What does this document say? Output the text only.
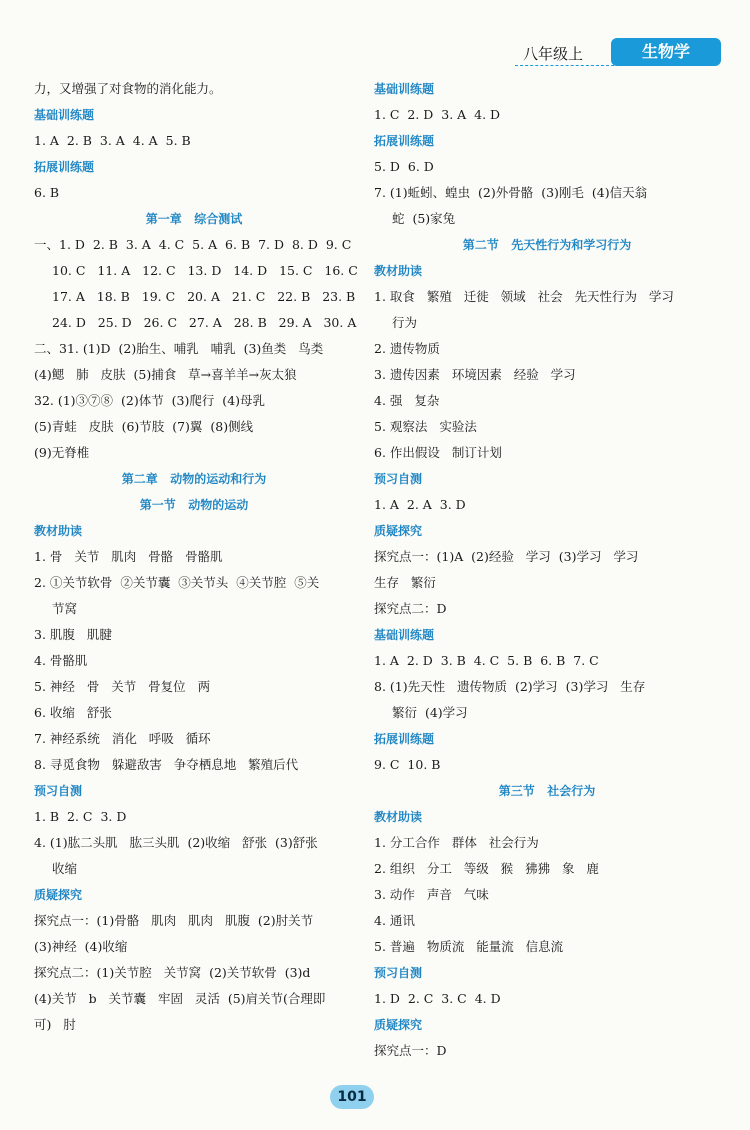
八年级上	生物学
力，又增强了对食物的消化能力。
基础训练题
1. A  2. B  3. A  4. A  5. B
拓展训练题
6. B
第一章   综合测试
一、1. D  2. B  3. A  4. C  5. A  6. B  7. D  8. D  9. C
10. C   11. A   12. C   13. D   14. D   15. C   16. C
17. A   18. B   19. C   20. A   21. C   22. B   23. B
24. D   25. D   26. C   27. A   28. B   29. A   30. A
二、31. (1)D  (2)胎生、哺乳   哺乳  (3)鱼类   鸟类
(4)鳃   肺   皮肤  (5)捕食   草→喜羊羊→灰太狼
32. (1)③⑦⑧  (2)体节  (3)爬行  (4)母乳
(5)青蛙   皮肤  (6)节肢  (7)翼  (8)侧线
(9)无脊椎
第二章   动物的运动和行为
第一节   动物的运动
教材助读
1. 骨   关节   肌肉   骨骼   骨骼肌
2. ①关节软骨  ②关节囊  ③关节头  ④关节腔  ⑤关
节窝
3. 肌腹   肌腱
4. 骨骼肌
5. 神经   骨   关节   骨复位   两
6. 收缩   舒张
7. 神经系统   消化   呼吸   循环
8. 寻觅食物   躲避敌害   争夺栖息地   繁殖后代
预习自测
1. B  2. C  3. D
4. (1)肱二头肌   肱三头肌  (2)收缩   舒张  (3)舒张
收缩
质疑探究
探究点一：(1)骨骼   肌肉   肌肉   肌腹  (2)肘关节
(3)神经  (4)收缩
探究点二：(1)关节腔   关节窝  (2)关节软骨  (3)d
(4)关节   b   关节囊   牢固   灵活  (5)肩关节(合理即
可)   肘
基础训练题
1. C  2. D  3. A  4. D
拓展训练题
5. D  6. D
7. (1)蚯蚓、蝗虫  (2)外骨骼  (3)刚毛  (4)信天翁
蛇  (5)家兔
第二节   先天性行为和学习行为
教材助读
1. 取食   繁殖   迁徙   领域   社会   先天性行为   学习
行为
2. 遗传物质
3. 遗传因素   环境因素   经验   学习
4. 强   复杂
5. 观察法   实验法
6. 作出假设   制订计划
预习自测
1. A  2. A  3. D
质疑探究
探究点一：(1)A  (2)经验   学习  (3)学习   学习
生存   繁衍
探究点二：D
基础训练题
1. A  2. D  3. B  4. C  5. B  6. B  7. C
8. (1)先天性   遗传物质  (2)学习  (3)学习   生存
繁衍  (4)学习
拓展训练题
9. C  10. B
第三节   社会行为
教材助读
1. 分工合作   群体   社会行为
2. 组织   分工   等级   猴   狒狒   象   鹿
3. 动作   声音   气味
4. 通讯
5. 普遍   物质流   能量流   信息流
预习自测
1. D  2. C  3. C  4. D
质疑探究
探究点一：D
101
